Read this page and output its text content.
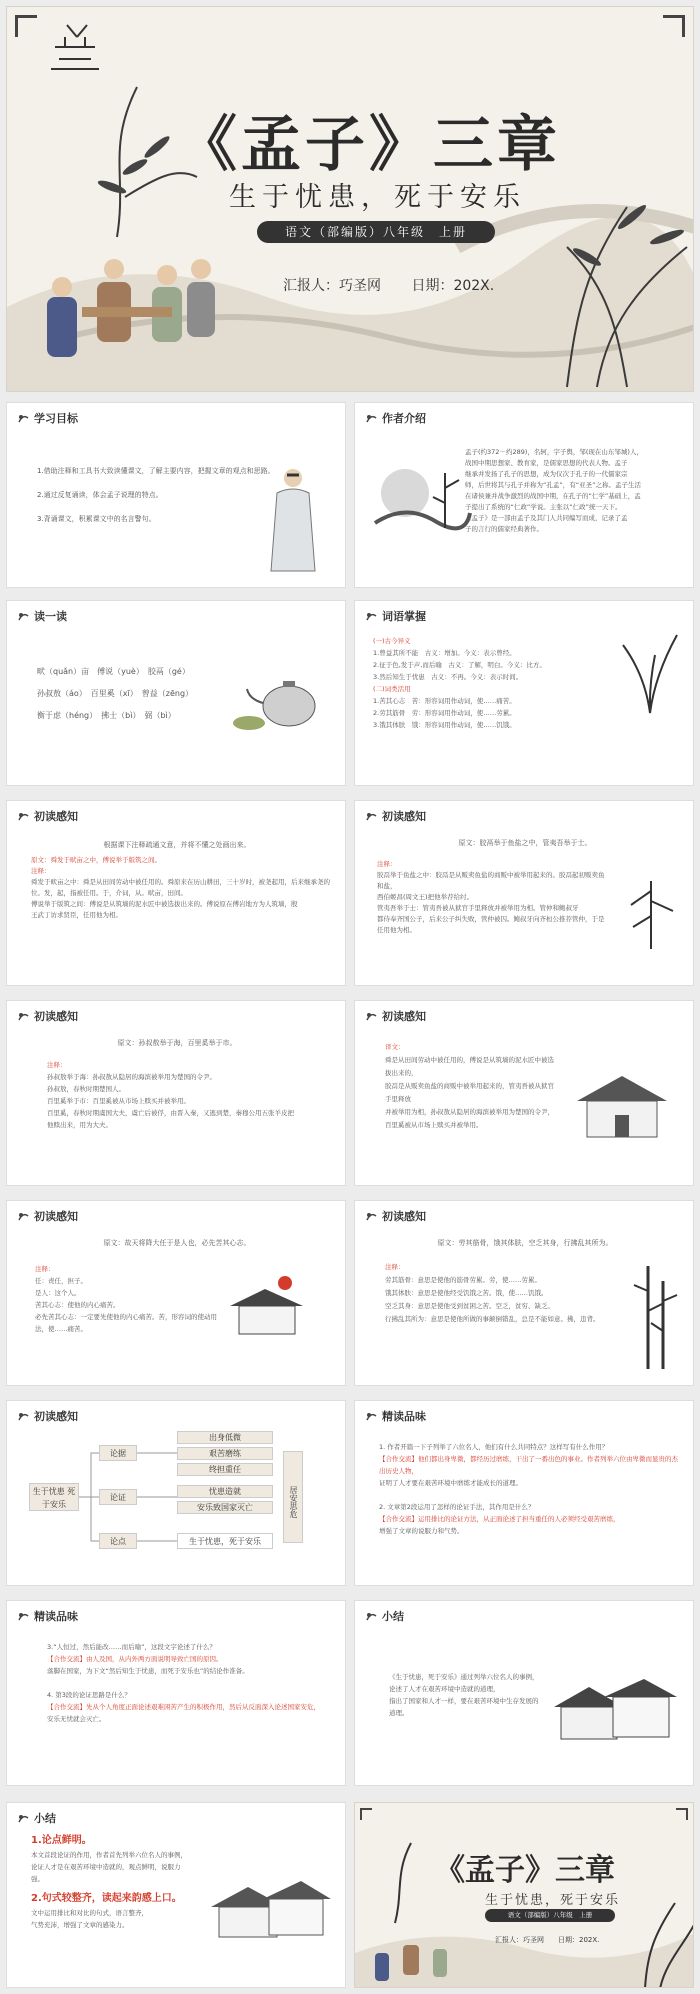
《孟子》三章
生于忧患，死于安乐
语文（部编版）八年级　上册
汇报人：巧圣网 日期：202X.
学习目标
1.借助注释和工具书大致读懂课文，了解主要内容，把握文章的观点和思路。

2.通过反复诵读，体会孟子说理的特点。

3.背诵课文，积累课文中的名言警句。
作者介绍
孟子(约372－约289)，名轲，字子舆，邹(现在山东邹城)人，
战国中期思想家、教育家，是儒家思想的代表人物。孟子
继承并发扬了孔子的思想，成为仅次于孔子的一代儒家宗
师，后世将其与孔子并称为“孔孟”，有“亚圣”之称。孟子生活
在诸侯兼并战争激烈的战国中期，在孔子的“仁学”基础上，孟
子提出了系统的“仁政”学说。主张以“仁政”统一天下。
《孟子》是一部由孟子及其门人共同编写而成，记录了孟
子的言行的儒家经典著作。
读一读
畎（quǎn）亩　傅说（yuè）　胶鬲（gé）
孙叔敖（áo）　百里奚（xī）　曾益（zēng）
衡于虑（héng）　拂士（bì）　弼（bì）
词语掌握
(一)古今异义
1.曾益其所不能　古义：增加。今义：表示曾经。
2.征于色,发于声,而后喻　古义：了解，明白。今义：比方。
3.然后知生于忧患　古义：不再。今义：表示时间。
(二)词类活用
1.苦其心志　苦：形容词用作动词，使……痛苦。
2.劳其筋骨　劳：形容词用作动词，使……劳累。
3.饿其体肤　饿：形容词用作动词，使……饥饿。
初读感知
根据课下注释疏通文意，并将不懂之处画出来。
原文：舜发于畎亩之中，傅说举于版筑之间。
注释：
舜发于畎亩之中：舜是从田间劳动中被任用的。舜原来在历山耕田，三十岁时，被尧起用，后来继承尧的
位。发，起，指被任用。于，介词，从。畎亩，田间。
傅说举于版筑之间：傅说是从筑墙的泥水匠中被选拔出来的。傅说原在傅岩地方为人筑墙，殷
王武丁访求贤臣，任用他为相。
初读感知
原文：胶鬲举于鱼盐之中，管夷吾举于士。
注释：
胶鬲举于鱼盐之中：胶鬲是从贩卖鱼盐的商贩中被举用起来的。胶鬲起初贩卖鱼和盐，
西伯姬昌(周文王)把他举荐给纣。
管夷吾举于士：管夷吾被从狱官手里释放并被举用为相。管仲和鲍叔牙
都侍奉齐国公子，后来公子纠失败，管仲被囚。鲍叔牙向齐桓公推荐管仲，于是任用他为相。
初读感知
原文：孙叔敖举于海，百里奚举于市。
注释：
孙叔敖举于海：孙叔敖从隐居的海滨被举用为楚国的令尹。
孙叔敖，春秋时期楚国人。
百里奚举于市：百里奚被从市场上赎买并被举用。
百里奚，春秋时期虞国大夫，虞亡后被俘，由晋入秦，又逃到楚，秦穆公用五张羊皮把他赎出来，用为大夫。
初读感知
译文：
舜是从田间劳动中被任用的，傅说是从筑墙的泥水匠中被选拔出来的，
胶鬲是从贩卖鱼盐的商贩中被举用起来的，管夷吾被从狱官手里释放
并被举用为相，孙叔敖从隐居的海滨被举用为楚国的令尹，
百里奚被从市场上赎买并被举用。
初读感知
原文：故天将降大任于是人也，必先苦其心志。
注释：
任：责任，担子。
是人：这个人。
苦其心志：使他的内心痛苦。
必先苦其心志：一定要先使他的内心痛苦。苦，形容词的使动用法，使……痛苦。
初读感知
原文：劳其筋骨，饿其体肤，空乏其身，行拂乱其所为。
注释：
劳其筋骨：意思是使他的筋骨劳累。劳，使……劳累。
饿其体肤：意思是使他经受饥饿之苦。饿，使……饥饿。
空乏其身：意思是使他受到贫困之苦。空乏，贫穷、缺乏。
行拂乱其所为：意思是使他所做的事颠倒错乱，总是不能如意。拂，违背。
初读感知
生于忧患 死于安乐
论据
论证
论点
出身低微
艰苦磨练
终担重任
忧患造就
安乐致国家灭亡
生于忧患，死于安乐
居安思危
精读品味
1. 作者开篇一下子列举了六位名人，他们有什么共同特点？这样写有什么作用？
【合作交流】他们都出身卑微，都经历过磨练，干出了一番出色的事业。作者列举六位由卑微而显贵的杰出历史人物，
证明了人才要在艰苦环境中磨练才能成长的道理。

2. 文章第2段运用了怎样的论证手法，其作用是什么？
【合作交流】运用排比的论证方法，从正面论述了担当重任的人必须经受艰苦磨练，
增强了文章的说服力和气势。
精读品味
3.“人恒过，然后能改……而后喻”，这段文字论述了什么？
【合作交流】由人及国，从内外两方面说明导致亡国的原因。
落脚在国家，为下文“然后知生于忧患，而死于安乐也”的结论作准备。

4. 第3段的论证思路是什么？
【合作交流】先从个人角度正面论述艰难困苦产生的积极作用，然后从反面深入论述国家安危，
安乐无忧就会灭亡。
小结
《生于忧患，死于安乐》通过列举六位名人的事例，论述了人才在艰苦环境中造就的道理，
指出了国家和人才一样，要在艰苦环境中生存发展的道理。
小结
1.论点鲜明。
本文首段论证的作用，作者首先列举六位名人的事例，
论证人才是在艰苦环境中造就的，观点鲜明，说服力强。
2.句式较整齐，读起来韵感上口。
文中运用排比和对比的句式，语言整齐，
气势充沛，增强了文章的感染力。
《孟子》三章
生于忧患，死于安乐
语文（部编版）八年级　上册
汇报人：巧圣网　　 日期：202X.
